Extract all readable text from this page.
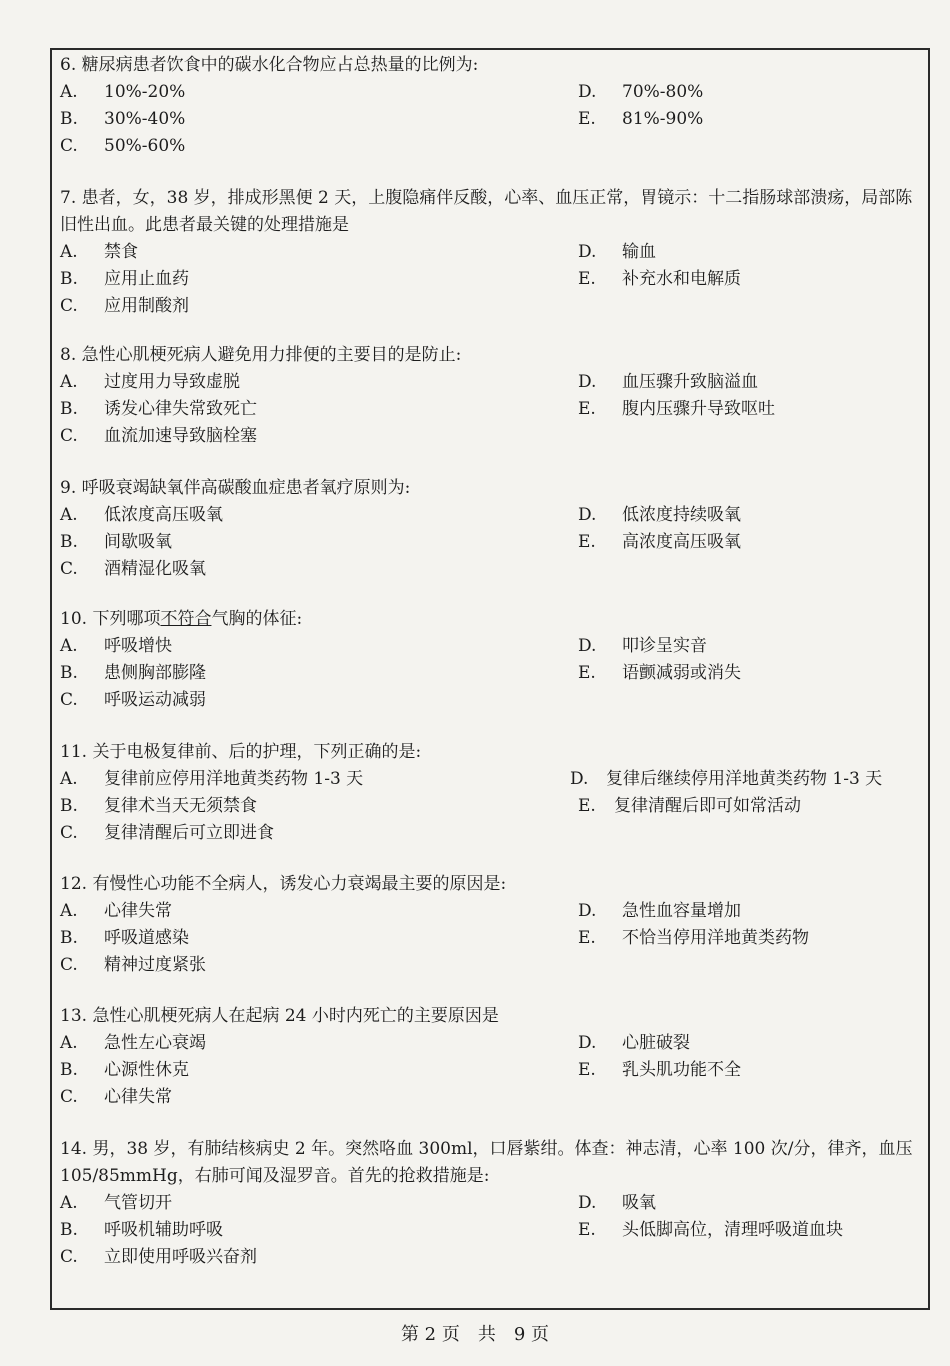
6. 糖尿病患者饮食中的碳水化合物应占总热量的比例为:
A. 10%-20%
B. 30%-40%
C. 50%-60%
D. 70%-80%
E. 81%-90%
7. 患者，女，38 岁，排成形黑便 2 天，上腹隐痛伴反酸，心率、血压正常，胃镜示：十二指肠球部溃疡，局部陈旧性出血。此患者最关键的处理措施是
A. 禁食
B. 应用止血药
C. 应用制酸剂
D. 输血
E. 补充水和电解质
8. 急性心肌梗死病人避免用力排便的主要目的是防止:
A. 过度用力导致虚脱
B. 诱发心律失常致死亡
C. 血流加速导致脑栓塞
D. 血压骤升致脑溢血
E. 腹内压骤升导致呕吐
9. 呼吸衰竭缺氧伴高碳酸血症患者氧疗原则为:
A. 低浓度高压吸氧
B. 间歇吸氧
C. 酒精湿化吸氧
D. 低浓度持续吸氧
E. 高浓度高压吸氧
10. 下列哪项不符合气胸的体征:
A. 呼吸增快
B. 患侧胸部膨隆
C. 呼吸运动减弱
D. 叩诊呈实音
E. 语颤减弱或消失
11. 关于电极复律前、后的护理，下列正确的是:
A. 复律前应停用洋地黄类药物 1-3 天
B. 复律术当天无须禁食
C. 复律清醒后可立即进食
D. 复律后继续停用洋地黄类药物 1-3 天
E. 复律清醒后即可如常活动
12. 有慢性心功能不全病人，诱发心力衰竭最主要的原因是:
A. 心律失常
B. 呼吸道感染
C. 精神过度紧张
D. 急性血容量增加
E. 不恰当停用洋地黄类药物
13. 急性心肌梗死病人在起病 24 小时内死亡的主要原因是
A. 急性左心衰竭
B. 心源性休克
C. 心律失常
D. 心脏破裂
E. 乳头肌功能不全
14. 男，38 岁，有肺结核病史 2 年。突然咯血 300ml，口唇紫绀。体查：神志清，心率 100 次/分，律齐，血压 105/85mmHg，右肺可闻及湿罗音。首先的抢救措施是:
A. 气管切开
B. 呼吸机辅助呼吸
C. 立即使用呼吸兴奋剂
D. 吸氧
E. 头低脚高位，清理呼吸道血块
第 2 页　共　9 页
